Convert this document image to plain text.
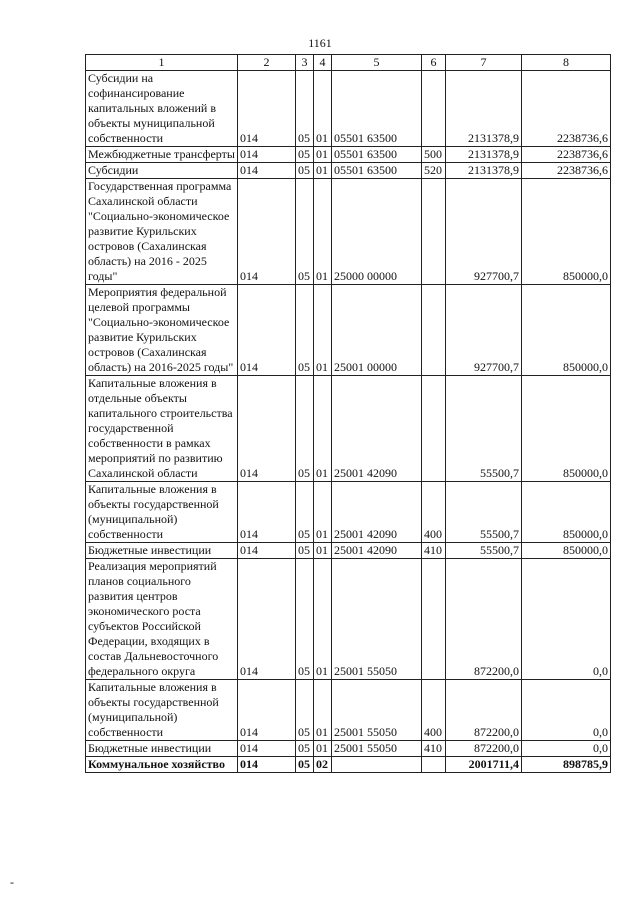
1161
1	2	3	4	5	6	7	8
Субсидии на софинансирование капитальных вложений в объекты муниципальной собственности	014	05	01	05501 63500		2131378,9	2238736,6
Межбюджетные трансферты	014	05	01	05501 63500	500	2131378,9	2238736,6
Субсидии	014	05	01	05501 63500	520	2131378,9	2238736,6
Государственная программа Сахалинской области "Социально-экономическое развитие Курильских островов (Сахалинская область) на 2016 - 2025 годы"	014	05	01	25000 00000		927700,7	850000,0
Мероприятия федеральной целевой программы "Социально-экономическое развитие Курильских островов (Сахалинская область) на 2016-2025 годы"	014	05	01	25001 00000		927700,7	850000,0
Капитальные вложения в отдельные объекты капитального строительства государственной собственности в рамках мероприятий по развитию Сахалинской области	014	05	01	25001 42090		55500,7	850000,0
Капитальные вложения в объекты государственной (муниципальной) собственности	014	05	01	25001 42090	400	55500,7	850000,0
Бюджетные инвестиции	014	05	01	25001 42090	410	55500,7	850000,0
Реализация мероприятий планов социального развития центров экономического роста субъектов Российской Федерации, входящих в состав Дальневосточного федерального округа	014	05	01	25001 55050		872200,0	0,0
Капитальные вложения в объекты государственной (муниципальной) собственности	014	05	01	25001 55050	400	872200,0	0,0
Бюджетные инвестиции	014	05	01	25001 55050	410	872200,0	0,0
Коммунальное хозяйство	014	05	02			2001711,4	898785,9
-
